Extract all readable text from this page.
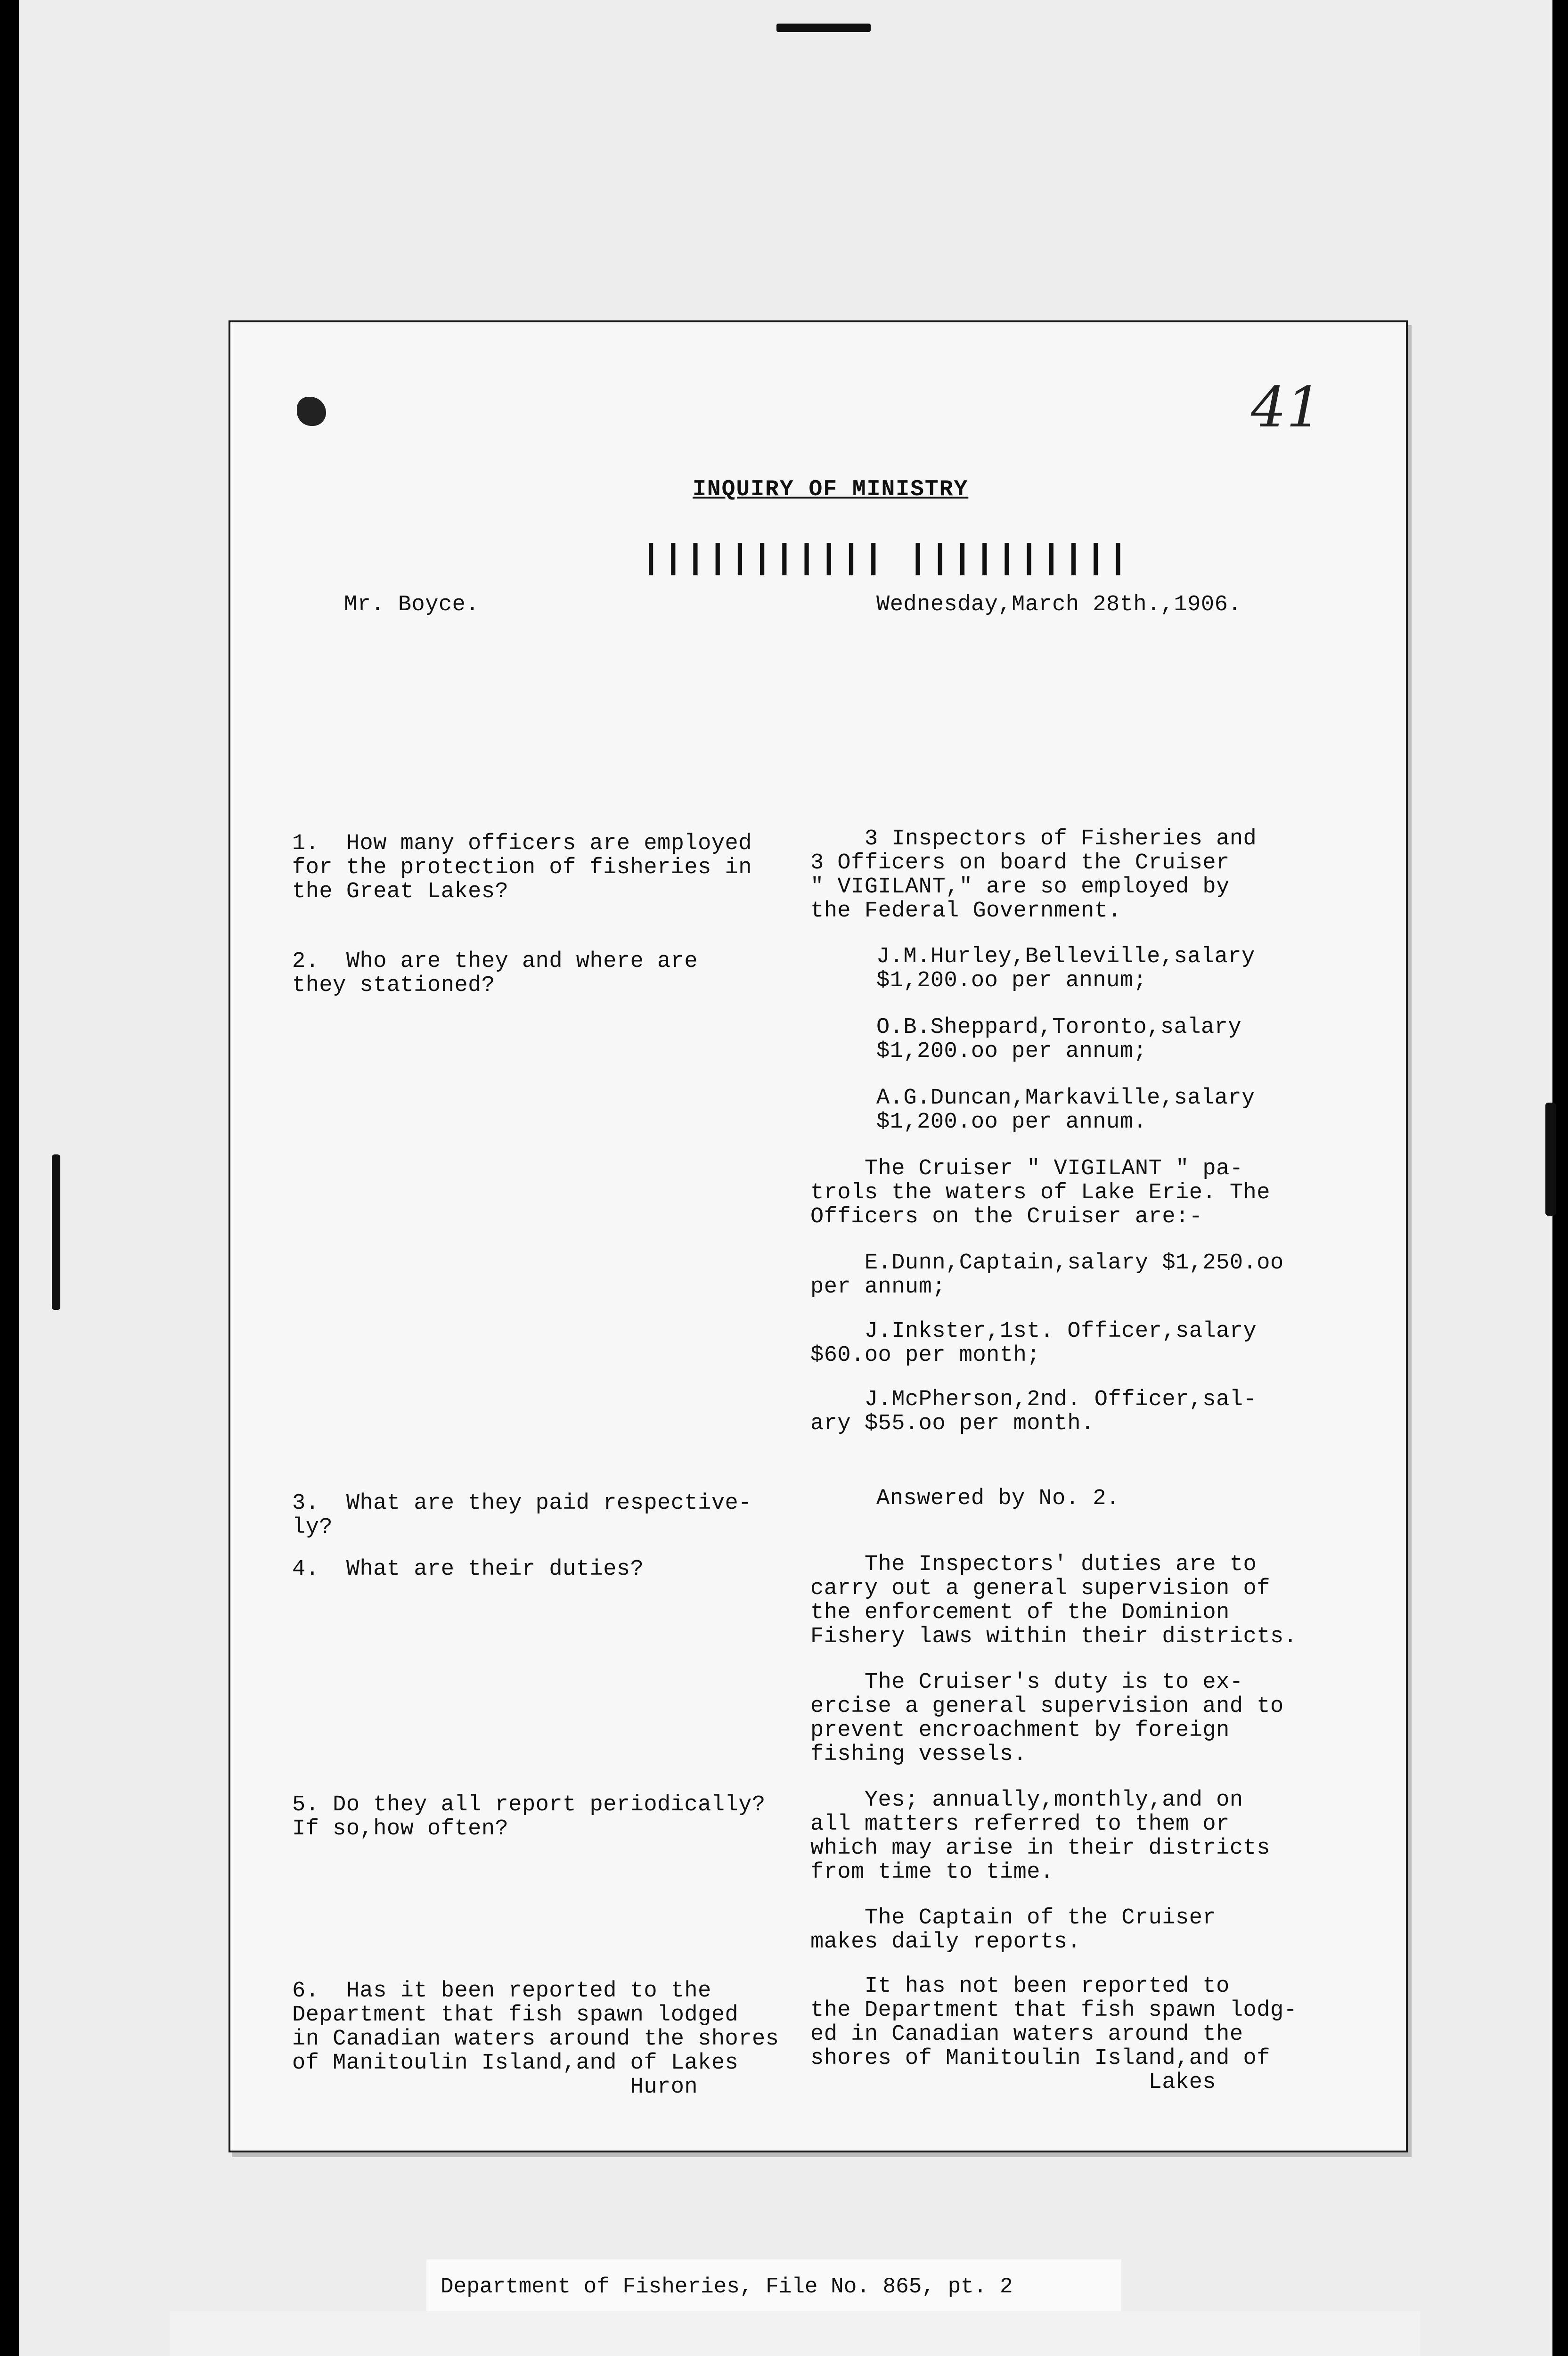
41
INQUIRY OF MINISTRY
||||||||||| ||||||||||
Mr. Boyce.	Wednesday,March 28th.,1906.
1.  How many officers are employed
for the protection of fisheries in
the Great Lakes?
2.  Who are they and where are
they stationed?
3.  What are they paid respective-
ly?
4.  What are their duties?
5. Do they all report periodically?
If so,how often?
6.  Has it been reported to the
Department that fish spawn lodged
in Canadian waters around the shores
of Manitoulin Island,and of Lakes
Huron
3 Inspectors of Fisheries and
3 Officers on board the Cruiser
" VIGILANT," are so employed by
the Federal Government.
J.M.Hurley,Belleville,salary
$1,200.oo per annum;
O.B.Sheppard,Toronto,salary
$1,200.oo per annum;
A.G.Duncan,Markaville,salary
$1,200.oo per annum.
The Cruiser " VIGILANT " pa-
trols the waters of Lake Erie. The
Officers on the Cruiser are:-
E.Dunn,Captain,salary $1,250.oo
per annum;
J.Inkster,1st. Officer,salary
$60.oo per month;
J.McPherson,2nd. Officer,sal-
ary $55.oo per month.
Answered by No. 2.
The Inspectors' duties are to
carry out a general supervision of
the enforcement of the Dominion
Fishery laws within their districts.
The Cruiser's duty is to ex-
ercise a general supervision and to
prevent encroachment by foreign
fishing vessels.
Yes; annually,monthly,and on
all matters referred to them or
which may arise in their districts
from time to time.
The Captain of the Cruiser
makes daily reports.
It has not been reported to
the Department that fish spawn lodg-
ed in Canadian waters around the
shores of Manitoulin Island,and of
Lakes
Department of Fisheries, File No. 865, pt. 2
